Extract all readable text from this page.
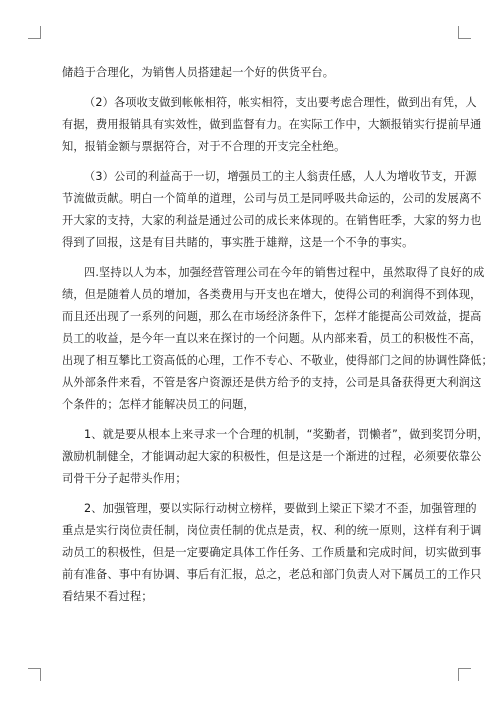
储趋于合理化，为销售人员搭建起一个好的供货平台。
（2）各项收支做到帐帐相符，帐实相符，支出要考虑合理性，做到出有凭，人
有据，费用报销具有实效性，做到监督有力。在实际工作中，大额报销实行提前早通
知，报销金额与票据符合，对于不合理的开支完全杜绝。
（3）公司的利益高于一切，增强员工的主人翁责任感，人人为增收节支，开源
节流做贡献。明白一个简单的道理，公司与员工是同呼吸共命运的，公司的发展离不
开大家的支持，大家的利益是通过公司的成长来体现的。在销售旺季，大家的努力也
得到了回报，这是有目共睹的，事实胜于雄辩，这是一个不争的事实。
四.坚持以人为本，加强经营管理公司在今年的销售过程中，虽然取得了良好的成
绩，但是随着人员的增加，各类费用与开支也在增大，使得公司的利润得不到体现，
而且还出现了一系列的问题，那么在市场经济条件下，怎样才能提高公司效益，提高
员工的收益，是今年一直以来在探讨的一个问题。从内部来看，员工的积极性不高，
出现了相互攀比工资高低的心理，工作不专心、不敬业，使得部门之间的协调性降低；
从外部条件来看，不管是客户资源还是供方给予的支持，公司是具备获得更大利润这
个条件的；怎样才能解决员工的问题，
1、就是要从根本上来寻求一个合理的机制，“奖勤者，罚懒者”，做到奖罚分明，
激励机制健全，才能调动起大家的积极性，但是这是一个渐进的过程，必须要依靠公
司骨干分子起带头作用；
2、加强管理，要以实际行动树立榜样，要做到上梁正下梁才不歪，加强管理的
重点是实行岗位责任制，岗位责任制的优点是责，权、利的统一原则，这样有利于调
动员工的积极性，但是一定要确定具体工作任务、工作质量和完成时间，切实做到事
前有准备、事中有协调、事后有汇报，总之，老总和部门负责人对下属员工的工作只
看结果不看过程；
